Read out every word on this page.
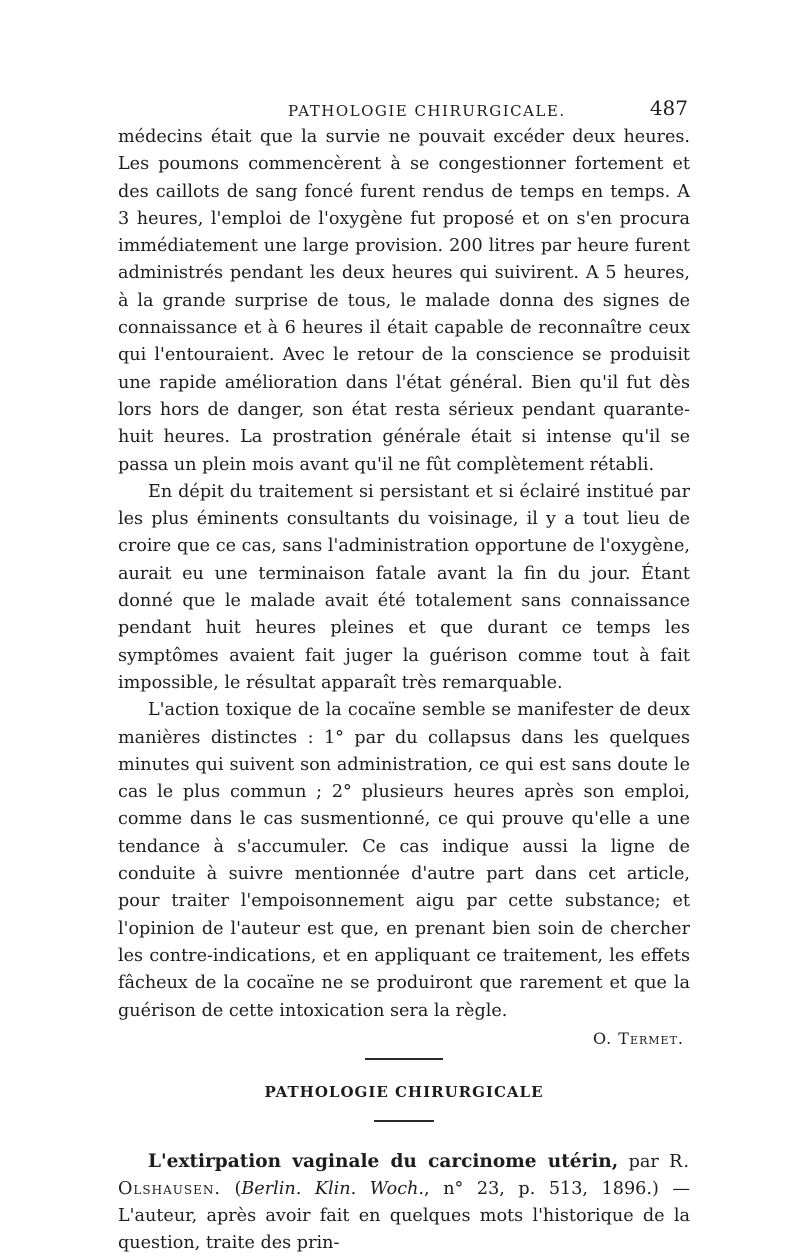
PATHOLOGIE CHIRURGICALE.	487

médecins était que la survie ne pouvait excéder deux heures. Les poumons commencèrent à se congestionner fortement et des caillots de sang foncé furent rendus de temps en temps. A 3 heures, l'emploi de l'oxygène fut proposé et on s'en procura immédiatement une large provision. 200 litres par heure furent administrés pendant les deux heures qui suivirent. A 5 heures, à la grande surprise de tous, le malade donna des signes de connaissance et à 6 heures il était capable de reconnaître ceux qui l'entouraient. Avec le retour de la conscience se produisit une rapide amélioration dans l'état général. Bien qu'il fut dès lors hors de danger, son état resta sérieux pendant quarante-huit heures. La prostration générale était si intense qu'il se passa un plein mois avant qu'il ne fût complètement rétabli.

En dépit du traitement si persistant et si éclairé institué par les plus éminents consultants du voisinage, il y a tout lieu de croire que ce cas, sans l'administration opportune de l'oxygène, aurait eu une terminaison fatale avant la fin du jour. Étant donné que le malade avait été totalement sans connaissance pendant huit heures pleines et que durant ce temps les symptômes avaient fait juger la guérison comme tout à fait impossible, le résultat apparaît très remarquable.

L'action toxique de la cocaïne semble se manifester de deux manières distinctes : 1° par du collapsus dans les quelques minutes qui suivent son administration, ce qui est sans doute le cas le plus commun ; 2° plusieurs heures après son emploi, comme dans le cas susmentionné, ce qui prouve qu'elle a une tendance à s'accumuler. Ce cas indique aussi la ligne de conduite à suivre mentionnée d'autre part dans cet article, pour traiter l'empoisonnement aigu par cette substance; et l'opinion de l'auteur est que, en prenant bien soin de chercher les contre-indications, et en appliquant ce traitement, les effets fâcheux de la cocaïne ne se produiront que rarement et que la guérison de cette intoxication sera la règle.

O. Termet.

PATHOLOGIE CHIRURGICALE

L'extirpation vaginale du carcinome utérin, par R. Olshausen. (Berlin. Klin. Woch., n° 23, p. 513, 1896.) — L'auteur, après avoir fait en quelques mots l'historique de la question, traite des prin-
